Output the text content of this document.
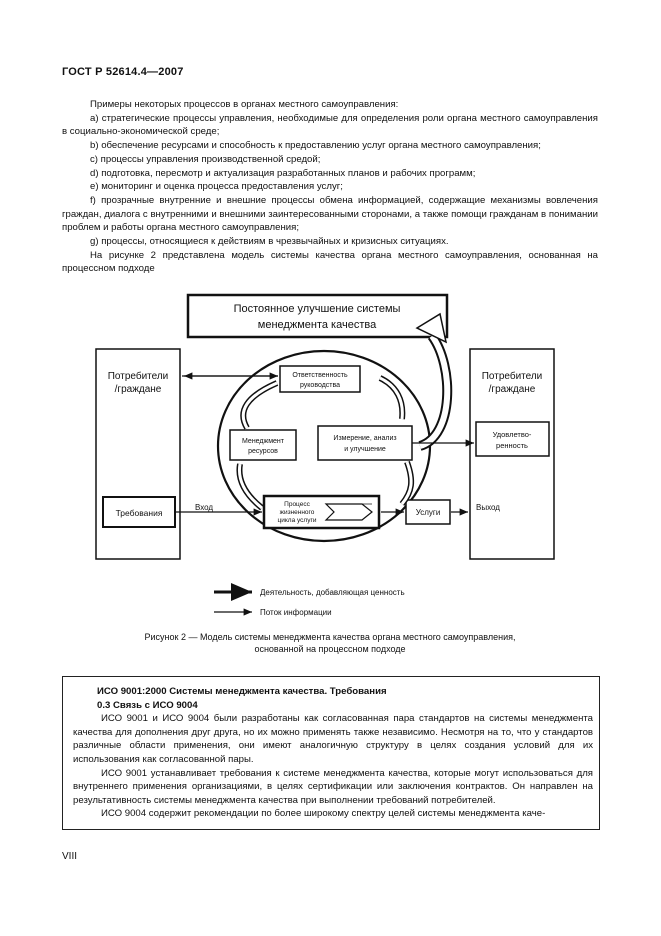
ГОСТ Р 52614.4—2007

Примеры некоторых процессов в органах местного самоуправления:

а) стратегические процессы управления, необходимые для определения роли органа местного самоуправления в социально-экономической среде;

b) обеспечение ресурсами и способность к предоставлению услуг органа местного самоуправления;

c) процессы управления производственной средой;

d) подготовка, пересмотр и актуализация разработанных планов и рабочих программ;

e) мониторинг и оценка процесса предоставления услуг;

f) прозрачные внутренние и внешние процессы обмена информацией, содержащие механизмы вовлечения граждан, диалога с внутренними и внешними заинтересованными сторонами, а также помощи гражданам в понимании проблем и работы органа местного самоуправления;

g) процессы, относящиеся к действиям в чрезвычайных и кризисных ситуациях.

На рисунке 2 представлена модель системы качества органа местного самоуправления, основанная на процессном подходе

Постоянное улучшение системы
менеджмента качества
Потребители
/граждане
Требования
Потребители
/граждане
Удовлетво-
ренность
Выход
Ответственность
руководства
Менеджмент
ресурсов
Измерение, анализ
и улучшение
Процесс
жизненного
цикла услуги
Услуги
Вход
Деятельность, добавляющая ценность
Поток информации
Рисунок 2 — Модель системы менеджмента качества органа местного самоуправления,
основанной на процессном подходе

ИСО 9001:2000 Системы менеджмента качества. Требования

0.3 Связь с ИСО 9004

ИСО 9001 и ИСО 9004 были разработаны как согласованная пара стандартов на системы менеджмента качества для дополнения друг друга, но их можно применять также независимо. Несмотря на то, что у стандартов различные области применения, они имеют аналогичную структуру в целях создания условий для их использования как согласованной пары.

ИСО 9001 устанавливает требования к системе менеджмента качества, которые могут использоваться для внутреннего применения организациями, в целях сертификации или заключения контрактов. Он направлен на результативность системы менеджмента качества при выполнении требований потребителей.

ИСО 9004 содержит рекомендации по более широкому спектру целей системы менеджмента каче-

VIII
